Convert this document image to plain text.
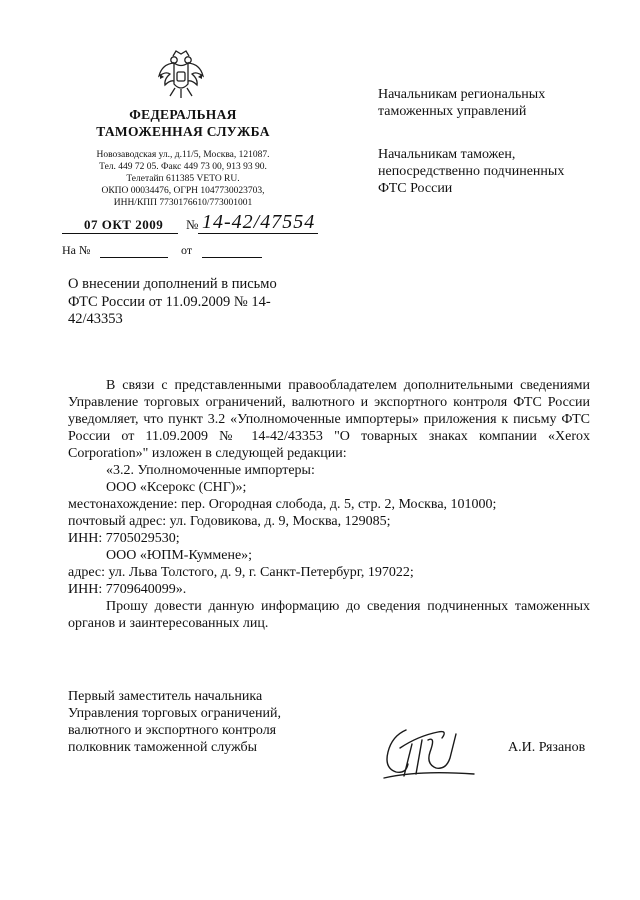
ФЕДЕРАЛЬНАЯ
ТАМОЖЕННАЯ СЛУЖБА
Новозаводская ул., д.11/5, Москва, 121087.
Тел. 449 72 05. Факс 449 73 00, 913 93 90.
Телетайп 611385 VETO RU.
ОКПО 00034476, ОГРН 1047730023703,
ИНН/КПП 7730176610/773001001
07 ОКТ 2009 № 14-42/47554
На №	от
Начальникам региональных
таможенных управлений
Начальникам таможен,
непосредственно подчиненных
ФТС России
О внесении дополнений в письмо
ФТС России от 11.09.2009 № 14-
42/43353

В связи с представленными правообладателем дополнительными сведениями Управление торговых ограничений, валютного и экспортного контроля ФТС России уведомляет, что пункт 3.2 «Уполномоченные импортеры» приложения к письму ФТС России от 11.09.2009 № 14-42/43353 "О товарных знаках компании «Xerox Corporation»" изложен в следующей редакции:

«3.2. Уполномоченные импортеры:

ООО «Ксерокс (СНГ)»;

местонахождение: пер. Огородная слобода, д. 5, стр. 2, Москва, 101000;

почтовый адрес: ул. Годовикова, д. 9, Москва, 129085;

ИНН: 7705029530;

ООО «ЮПМ-Куммене»;

адрес: ул. Льва Толстого, д. 9, г. Санкт-Петербург, 197022;

ИНН: 7709640099».

Прошу довести данную информацию до сведения подчиненных таможенных органов и заинтересованных лиц.

Первый заместитель начальника
Управления торговых ограничений,
валютного и экспортного контроля
полковник таможенной службы	А.И. Рязанов
